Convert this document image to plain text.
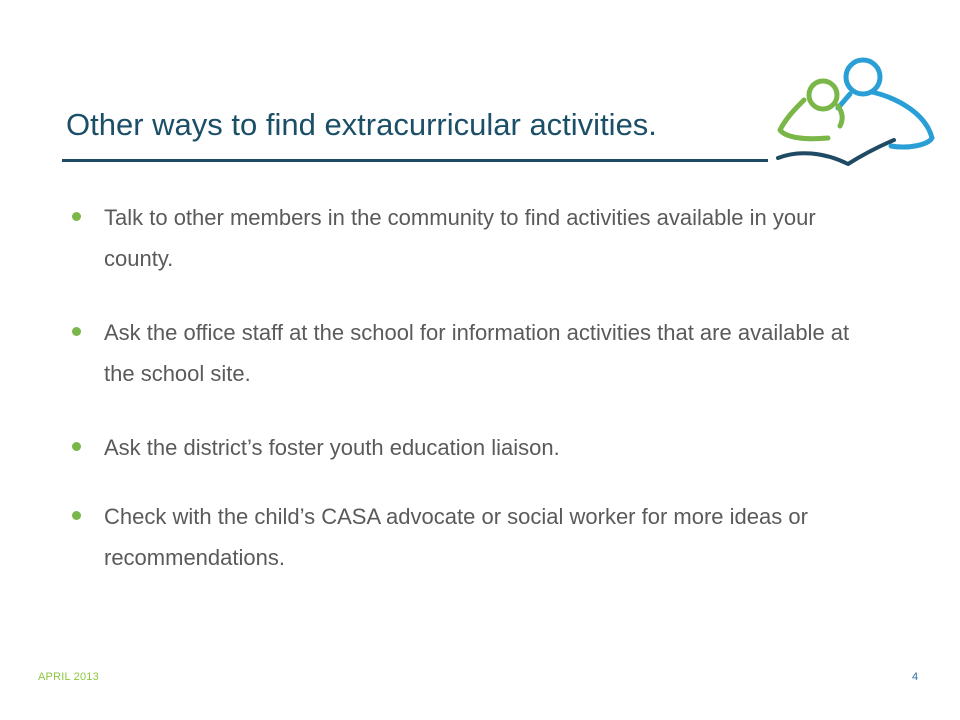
Other ways to find extracurricular activities.
Talk to other members in the community to find activities available in your county.
Ask the office staff at the school for information activities that are available at the school site.
Ask the district’s foster youth education liaison.
Check with the child’s CASA advocate or social worker for more ideas or recommendations.
APRIL 2013	4
